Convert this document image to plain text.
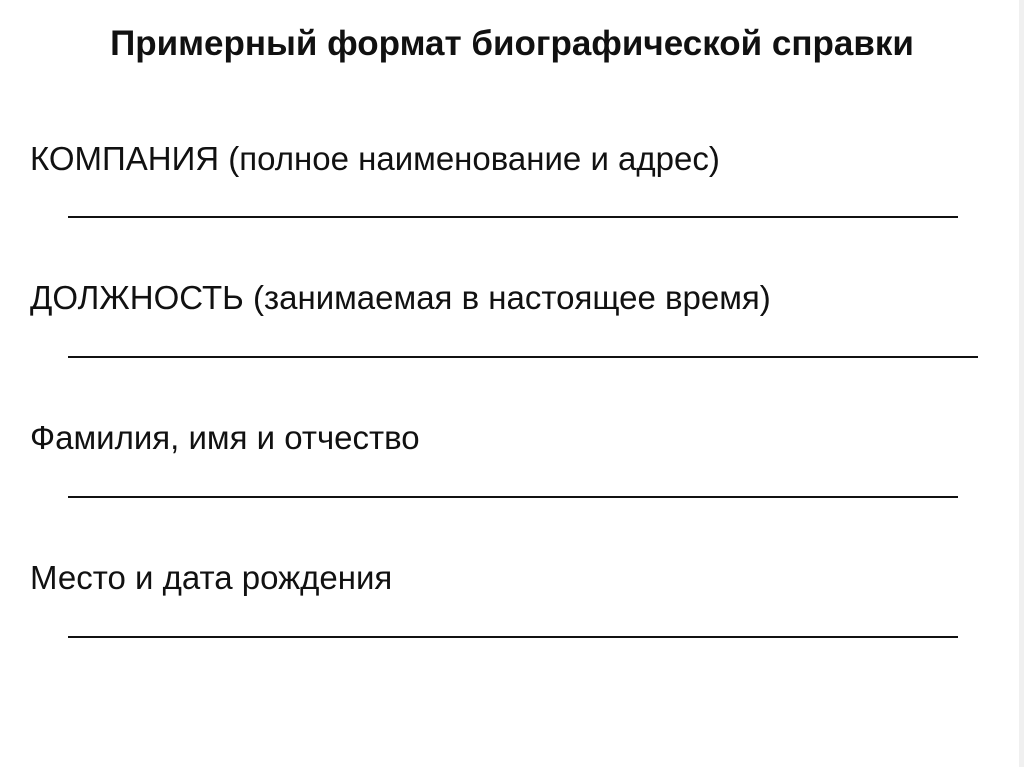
Примерный формат биографической справки
КОМПАНИЯ (полное наименование и адрес)
ДОЛЖНОСТЬ (занимаемая в настоящее время)
Фамилия, имя и отчество
Место и дата рождения
